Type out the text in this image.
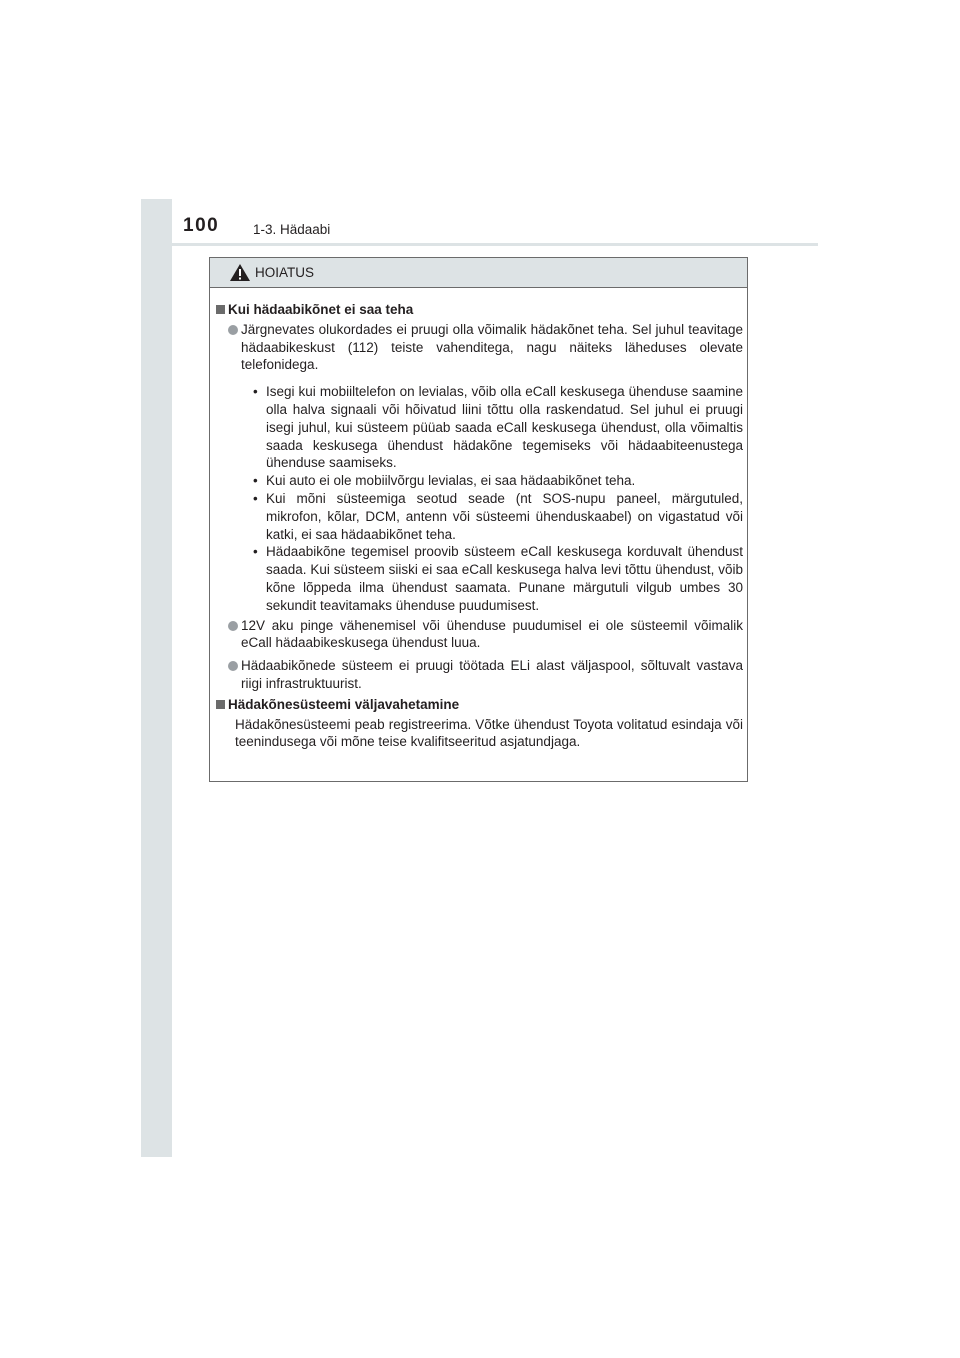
100	1-3. Hädaabi
HOIATUS
Kui hädaabikõnet ei saa teha
Järgnevates olukordades ei pruugi olla võimalik hädakõnet teha. Sel juhul teavitage hädaabikeskust (112) teiste vahenditega, nagu näiteks läheduses olevate telefonidega.
• Isegi kui mobiiltelefon on levialas, võib olla eCall keskusega ühenduse saamine olla halva signaali või hõivatud liini tõttu olla raskendatud. Sel juhul ei pruugi isegi juhul, kui süsteem püüab saada eCall keskusega ühendust, olla võimaltis saada keskusega ühendust hädakõne tegemiseks või hädaabiteenustega ühenduse saamiseks.
• Kui auto ei ole mobiilvõrgu levialas, ei saa hädaabikõnet teha.
• Kui mõni süsteemiga seotud seade (nt SOS-nupu paneel, märgutuled, mikrofon, kõlar, DCM, antenn või süsteemi ühenduskaabel) on vigastatud või katki, ei saa hädaabikõnet teha.
• Hädaabikõne tegemisel proovib süsteem eCall keskusega korduvalt ühendust saada. Kui süsteem siiski ei saa eCall keskusega halva levi tõttu ühendust, võib kõne lõppeda ilma ühendust saamata. Punane märgutuli vilgub umbes 30 sekundit teavitamaks ühenduse puudumisest.
12V aku pinge vähenemisel või ühenduse puudumisel ei ole süsteemil võimalik eCall hädaabikeskusega ühendust luua.
Hädaabikõnede süsteem ei pruugi töötada ELi alast väljaspool, sõltuvalt vastava riigi infrastruktuurist.
Hädakõnesüsteemi väljavahetamine
Hädakõnesüsteemi peab registreerima. Võtke ühendust Toyota volitatud esindaja või teenindusega või mõne teise kvalifitseeritud asjatundjaga.
